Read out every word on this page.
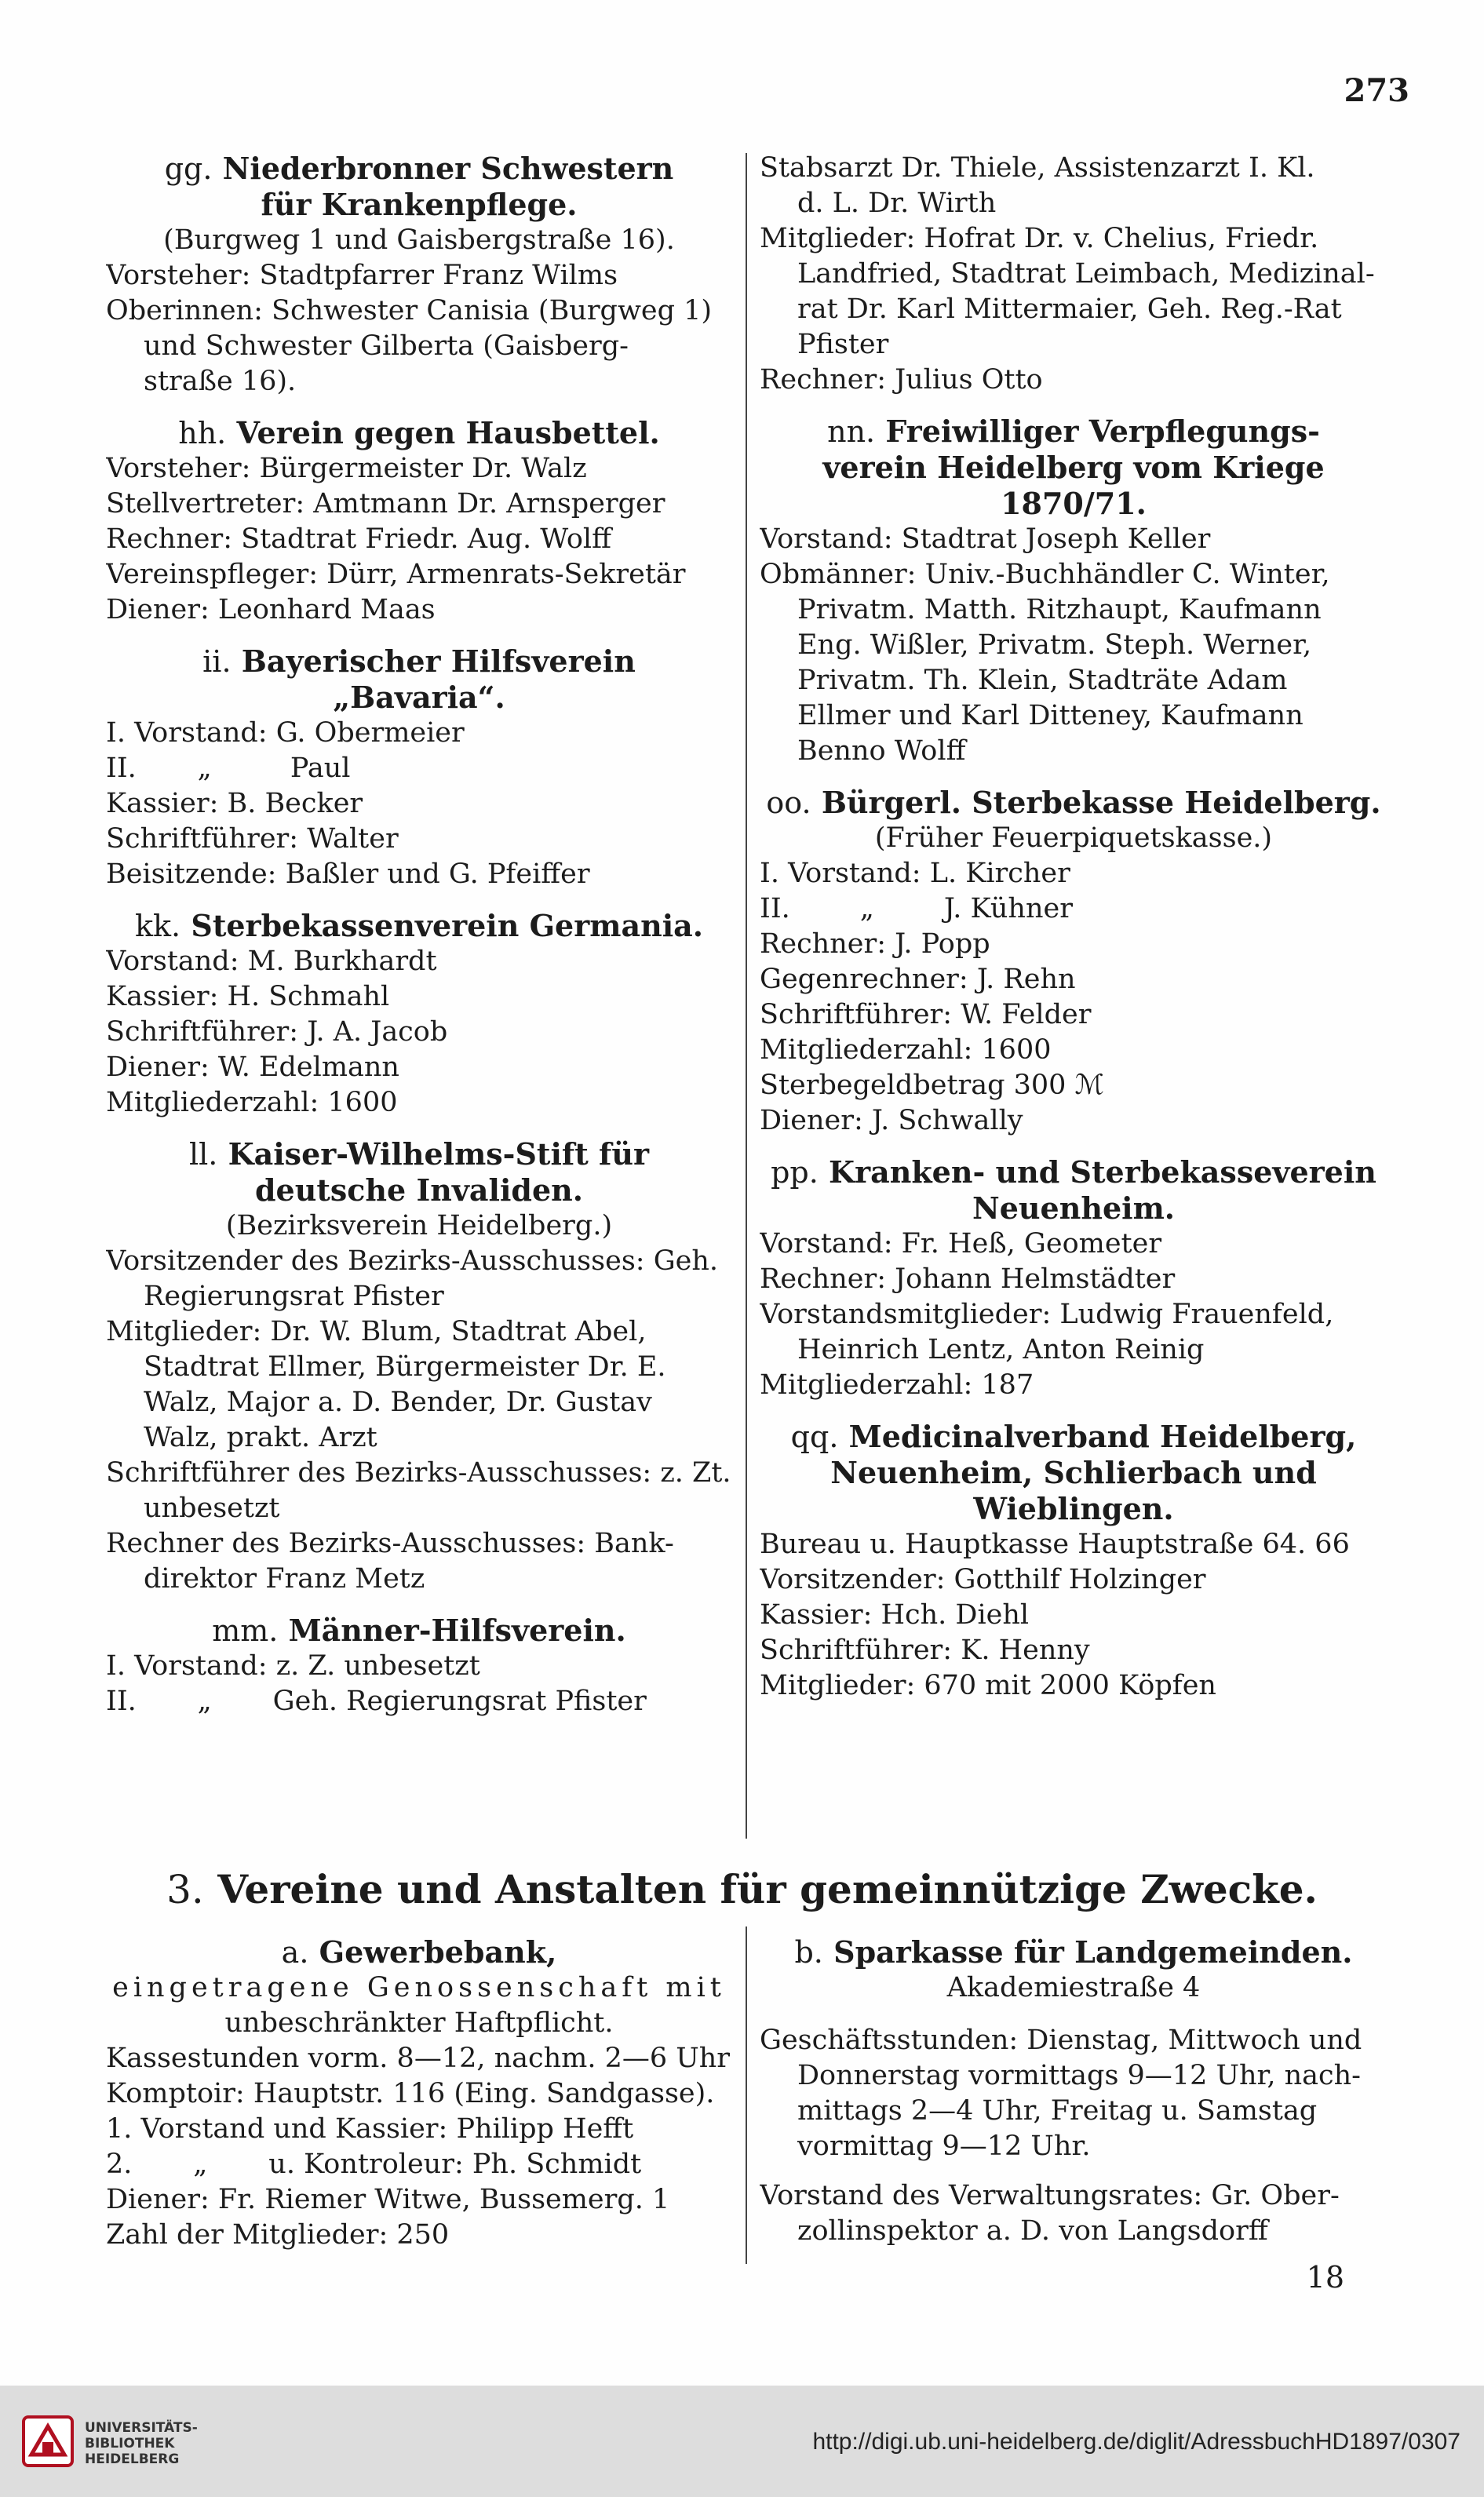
273
gg. Niederbronner Schwestern
für Krankenpflege.
(Burgweg 1 und Gaisbergstraße 16).
Vorsteher: Stadtpfarrer Franz Wilms
Oberinnen: Schwester Canisia (Burgweg 1)
und Schwester Gilberta (Gaisberg-
straße 16).
hh. Verein gegen Hausbettel.
Vorsteher: Bürgermeister Dr. Walz
Stellvertreter: Amtmann Dr. Arnsperger
Rechner: Stadtrat Friedr. Aug. Wolff
Vereinspfleger: Dürr, Armenrats-Sekretär
Diener: Leonhard Maas
ii. Bayerischer Hilfsverein
„Bavaria“.
I. Vorstand: G. Obermeier
II.       „         Paul
Kassier: B. Becker
Schriftführer: Walter
Beisitzende: Baßler und G. Pfeiffer
kk. Sterbekassenverein Germania.
Vorstand: M. Burkhardt
Kassier: H. Schmahl
Schriftführer: J. A. Jacob
Diener: W. Edelmann
Mitgliederzahl: 1600
ll. Kaiser-Wilhelms-Stift für
deutsche Invaliden.
(Bezirksverein Heidelberg.)
Vorsitzender des Bezirks-Ausschusses: Geh.
Regierungsrat Pfister
Mitglieder: Dr. W. Blum, Stadtrat Abel,
Stadtrat Ellmer, Bürgermeister Dr. E.
Walz, Major a. D. Bender, Dr. Gustav
Walz, prakt. Arzt
Schriftführer des Bezirks-Ausschusses: z. Zt.
unbesetzt
Rechner des Bezirks-Ausschusses: Bank-
direktor Franz Metz
mm. Männer-Hilfsverein.
I. Vorstand: z. Z. unbesetzt
II.       „       Geh. Regierungsrat Pfister
Stabsarzt Dr. Thiele, Assistenzarzt I. Kl.
d. L. Dr. Wirth
Mitglieder: Hofrat Dr. v. Chelius, Friedr.
Landfried, Stadtrat Leimbach, Medizinal-
rat Dr. Karl Mittermaier, Geh. Reg.-Rat
Pfister
Rechner: Julius Otto
nn. Freiwilliger Verpflegungs-
verein Heidelberg vom Kriege
1870/71.
Vorstand: Stadtrat Joseph Keller
Obmänner: Univ.-Buchhändler C. Winter,
Privatm. Matth. Ritzhaupt, Kaufmann
Eng. Wißler, Privatm. Steph. Werner,
Privatm. Th. Klein, Stadträte Adam
Ellmer und Karl Ditteney, Kaufmann
Benno Wolff
oo. Bürgerl. Sterbekasse Heidelberg.
(Früher Feuerpiquetskasse.)
I. Vorstand: L. Kircher
II.        „        J. Kühner
Rechner: J. Popp
Gegenrechner: J. Rehn
Schriftführer: W. Felder
Mitgliederzahl: 1600
Sterbegeldbetrag 300 ℳ
Diener: J. Schwally
pp. Kranken- und Sterbekasseverein
Neuenheim.
Vorstand: Fr. Heß, Geometer
Rechner: Johann Helmstädter
Vorstandsmitglieder: Ludwig Frauenfeld,
Heinrich Lentz, Anton Reinig
Mitgliederzahl: 187
qq. Medicinalverband Heidelberg,
Neuenheim, Schlierbach und
Wieblingen.
Bureau u. Hauptkasse Hauptstraße 64. 66
Vorsitzender: Gotthilf Holzinger
Kassier: Hch. Diehl
Schriftführer: K. Henny
Mitglieder: 670 mit 2000 Köpfen
3. Vereine und Anstalten für gemeinnützige Zwecke.
a. Gewerbebank,
eingetragene Genossenschaft mit
unbeschränkter Haftpflicht.
Kassestunden vorm. 8—12, nachm. 2—6 Uhr
Komptoir: Hauptstr. 116 (Eing. Sandgasse).
1. Vorstand und Kassier: Philipp Hefft
2.       „       u. Kontroleur: Ph. Schmidt
Diener: Fr. Riemer Witwe, Bussemerg. 1
Zahl der Mitglieder: 250
b. Sparkasse für Landgemeinden.
Akademiestraße 4
Geschäftsstunden: Dienstag, Mittwoch und
Donnerstag vormittags 9—12 Uhr, nach-
mittags 2—4 Uhr, Freitag u. Samstag
vormittag 9—12 Uhr.
Vorstand des Verwaltungsrates: Gr. Ober-
zollinspektor a. D. von Langsdorff
18
UNIVERSITÄTS-
BIBLIOTHEK
HEIDELBERG
http://digi.ub.uni-heidelberg.de/diglit/AdressbuchHD1897/0307
